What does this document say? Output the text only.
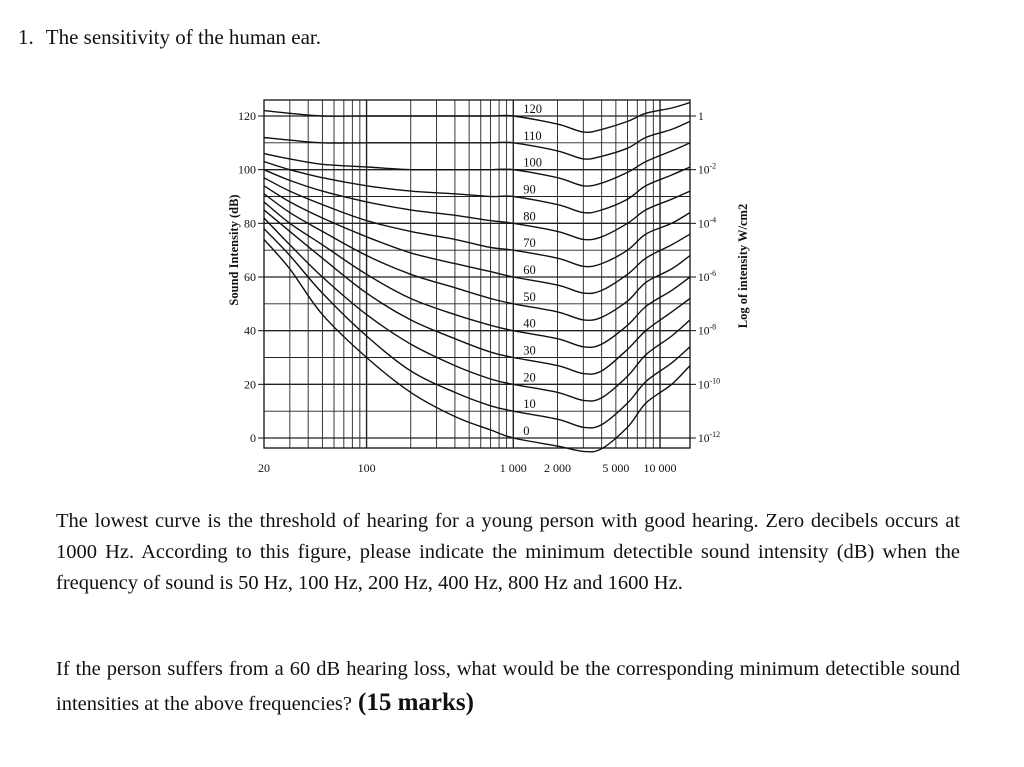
1. The sensitivity of the human ear.
0
10
20
30
40
50
60
70
80
90
100
110
120
0
20
40
60
80
100
120
20	100	1 000 2 000	5 000 10 000
1
$10^{-2}$
$10^{-4}$
$10^{-6}$
$10^{-8}$
$10^{-10}$
$10^{-12}$
Sound Intensity (dB)	Log of intensity W/cm2
The lowest curve is the threshold of hearing for a young person with good hearing. Zero decibels occurs at 1000 Hz. According to this figure, please indicate the minimum detectible sound intensity (dB) when the frequency of sound is 50 Hz, 100 Hz, 200 Hz, 400 Hz, 800 Hz and 1600 Hz.
If the person suffers from a 60 dB hearing loss, what would be the corresponding minimum detectible sound intensities at the above frequencies? (15 marks)
